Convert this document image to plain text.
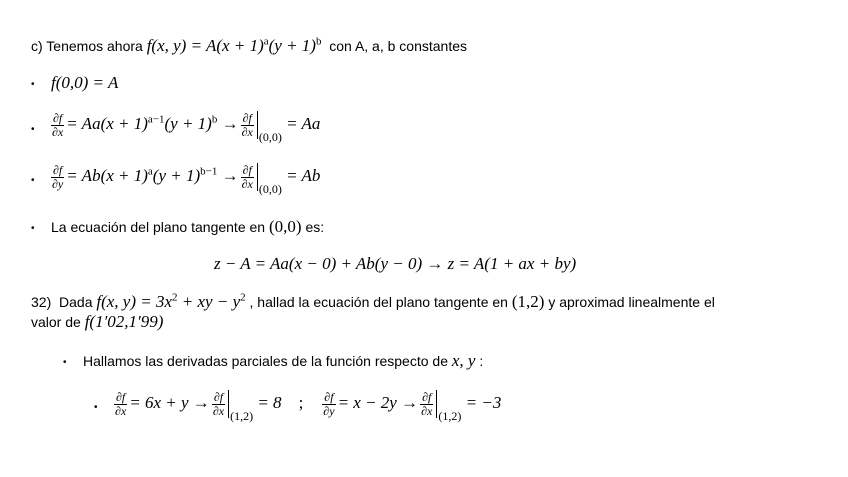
c) Tenemos ahora f(x, $y) = A(x + 1)^a(y + 1)^b$ con A, a, b constantes
• f(0,0) = A
• $\frac{\partial f}{\partial x} = Aa(x + 1)^{a-1}(y + 1)^b \to \frac{\partial f}{\partial x} _{(0,0)} = Aa$
• $\frac{\partial f}{\partial y} = Ab(x + 1)^a(y + 1)^{b-1} \to \frac{\partial f}{\partial x} _{(0,0)} = Ab$
• La ecuación del plano tangente en (0,0) es:
z − A = Aa(x − 0) + Ab(y − 0) → z = A(1 + ax + by)
32) Dada f(x, $y) = 3x^2$ + xy − $y^2$ , hallad la ecuación del plano tangente en (1,2) y aproximad linealmente el
valor de f(1′02,1′99)
• Hallamos las derivadas parciales de la función respecto de x, y :
• $\frac{\partial f}{\partial x} = 6x + y \to \frac{\partial f}{\partial x} _{(1,2)} = 8$ ; $\frac{\partial f}{\partial y} = x - 2y \to \frac{\partial f}{\partial x} _{(1,2)} = -3$
